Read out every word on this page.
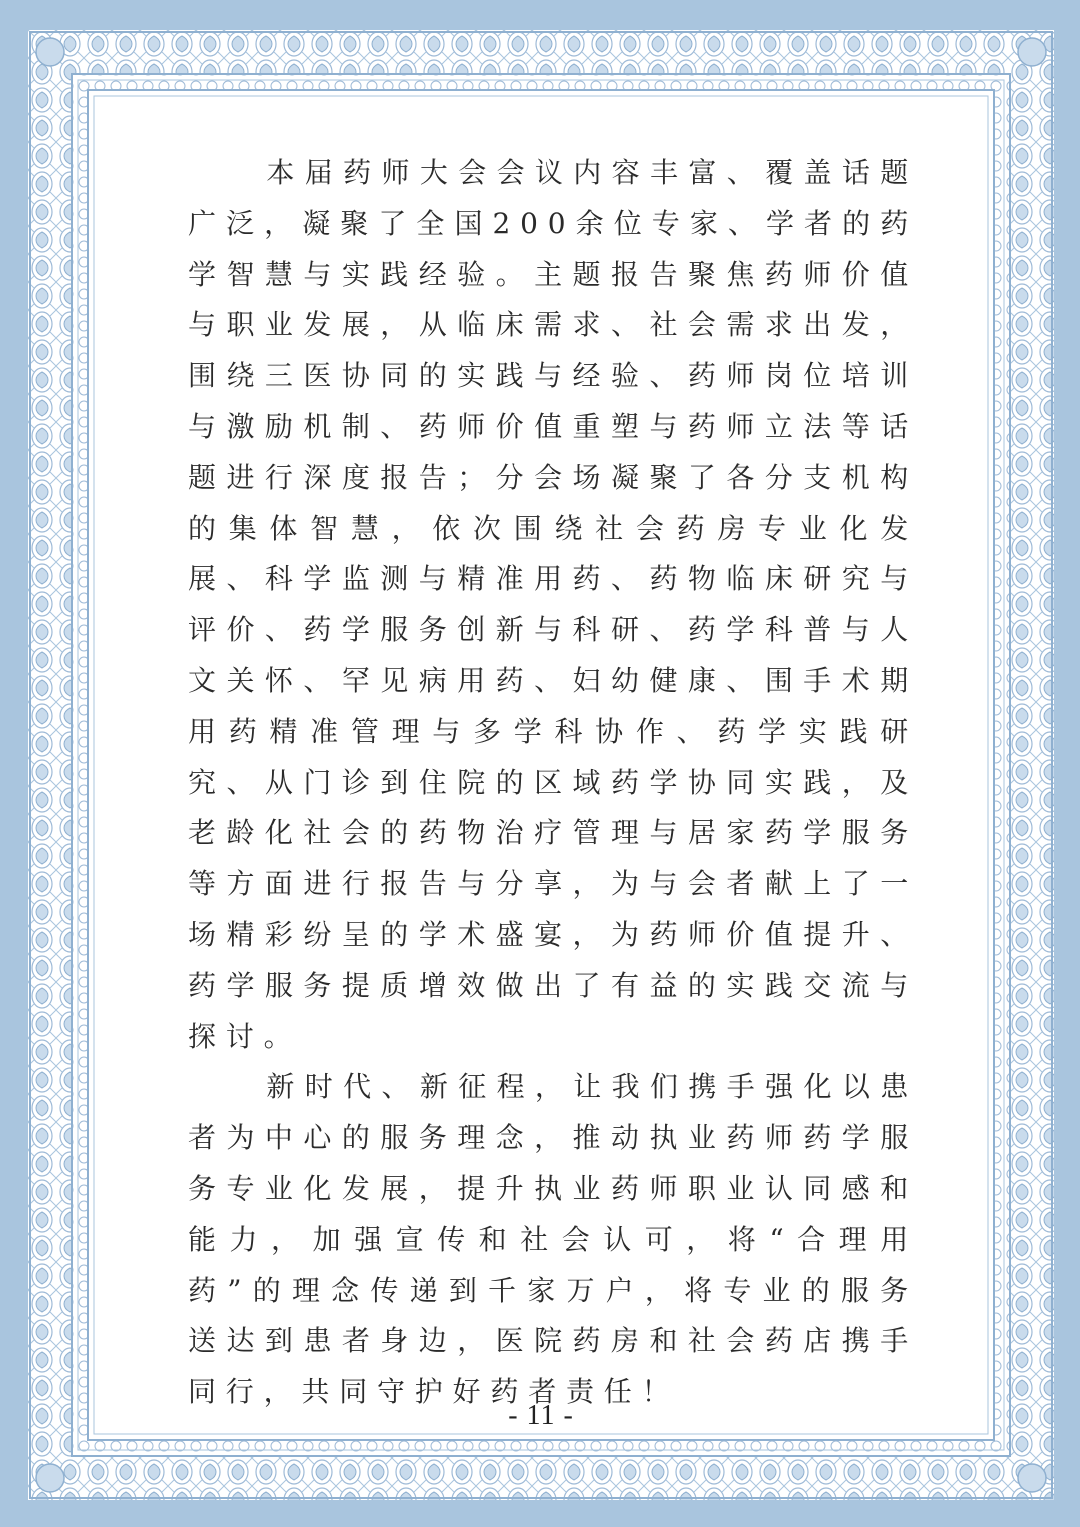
本届药师大会会议内容丰富、覆盖话题广泛，凝聚了全国200余位专家、学者的药学智慧与实践经验。主题报告聚焦药师价值与职业发展，从临床需求、社会需求出发，围绕三医协同的实践与经验、药师岗位培训与激励机制、药师价值重塑与药师立法等话题进行深度报告；分会场凝聚了各分支机构的集体智慧，依次围绕社会药房专业化发展、科学监测与精准用药、药物临床研究与评价、药学服务创新与科研、药学科普与人文关怀、罕见病用药、妇幼健康、围手术期用药精准管理与多学科协作、药学实践研究、从门诊到住院的区域药学协同实践，及老龄化社会的药物治疗管理与居家药学服务等方面进行报告与分享，为与会者献上了一场精彩纷呈的学术盛宴，为药师价值提升、药学服务提质增效做出了有益的实践交流与探讨。

新时代、新征程，让我们携手强化以患者为中心的服务理念，推动执业药师药学服务专业化发展，提升执业药师职业认同感和能力，加强宣传和社会认可，将“合理用药”的理念传递到千家万户，将专业的服务送达到患者身边，医院药房和社会药店携手同行，共同守护好药者责任！

- 11 -
